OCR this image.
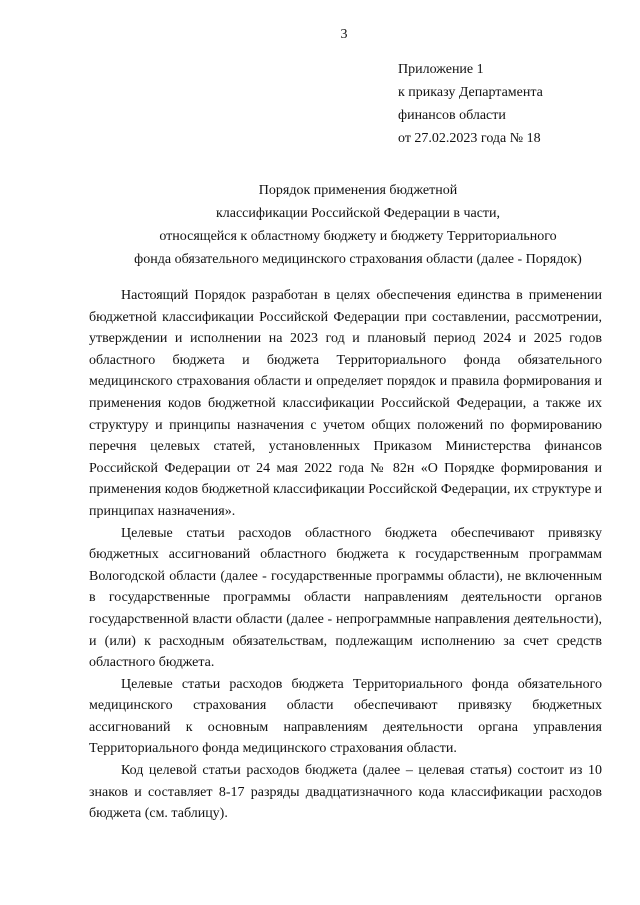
3
Приложение 1
к приказу Департамента
финансов области
от 27.02.2023 года № 18
Порядок применения бюджетной
классификации Российской Федерации в части,
относящейся к областному бюджету и бюджету Территориального
фонда обязательного медицинского страхования области (далее - Порядок)

Настоящий Порядок разработан в целях обеспечения единства в применении бюджетной классификации Российской Федерации при составлении, рассмотрении, утверждении и исполнении на 2023 год и плановый период 2024 и 2025 годов областного бюджета и бюджета Территориального фонда обязательного медицинского страхования области и определяет порядок и правила формирования и применения кодов бюджетной классификации Российской Федерации, а также их структуру и принципы назначения с учетом общих положений по формированию перечня целевых статей, установленных Приказом Министерства финансов Российской Федерации от 24 мая 2022 года № 82н «О Порядке формирования и применения кодов бюджетной классификации Российской Федерации, их структуре и принципах назначения».

Целевые статьи расходов областного бюджета обеспечивают привязку бюджетных ассигнований областного бюджета к государственным программам Вологодской области (далее - государственные программы области), не включенным в государственные программы области направлениям деятельности органов государственной власти области (далее - непрограммные направления деятельности), и (или) к расходным обязательствам, подлежащим исполнению за счет средств областного бюджета.

Целевые статьи расходов бюджета Территориального фонда обязательного медицинского страхования области обеспечивают привязку бюджетных ассигнований к основным направлениям деятельности органа управления Территориального фонда медицинского страхования области.

Код целевой статьи расходов бюджета (далее – целевая статья) состоит из 10 знаков и составляет 8-17 разряды двадцатизначного кода классификации расходов бюджета (см. таблицу).
